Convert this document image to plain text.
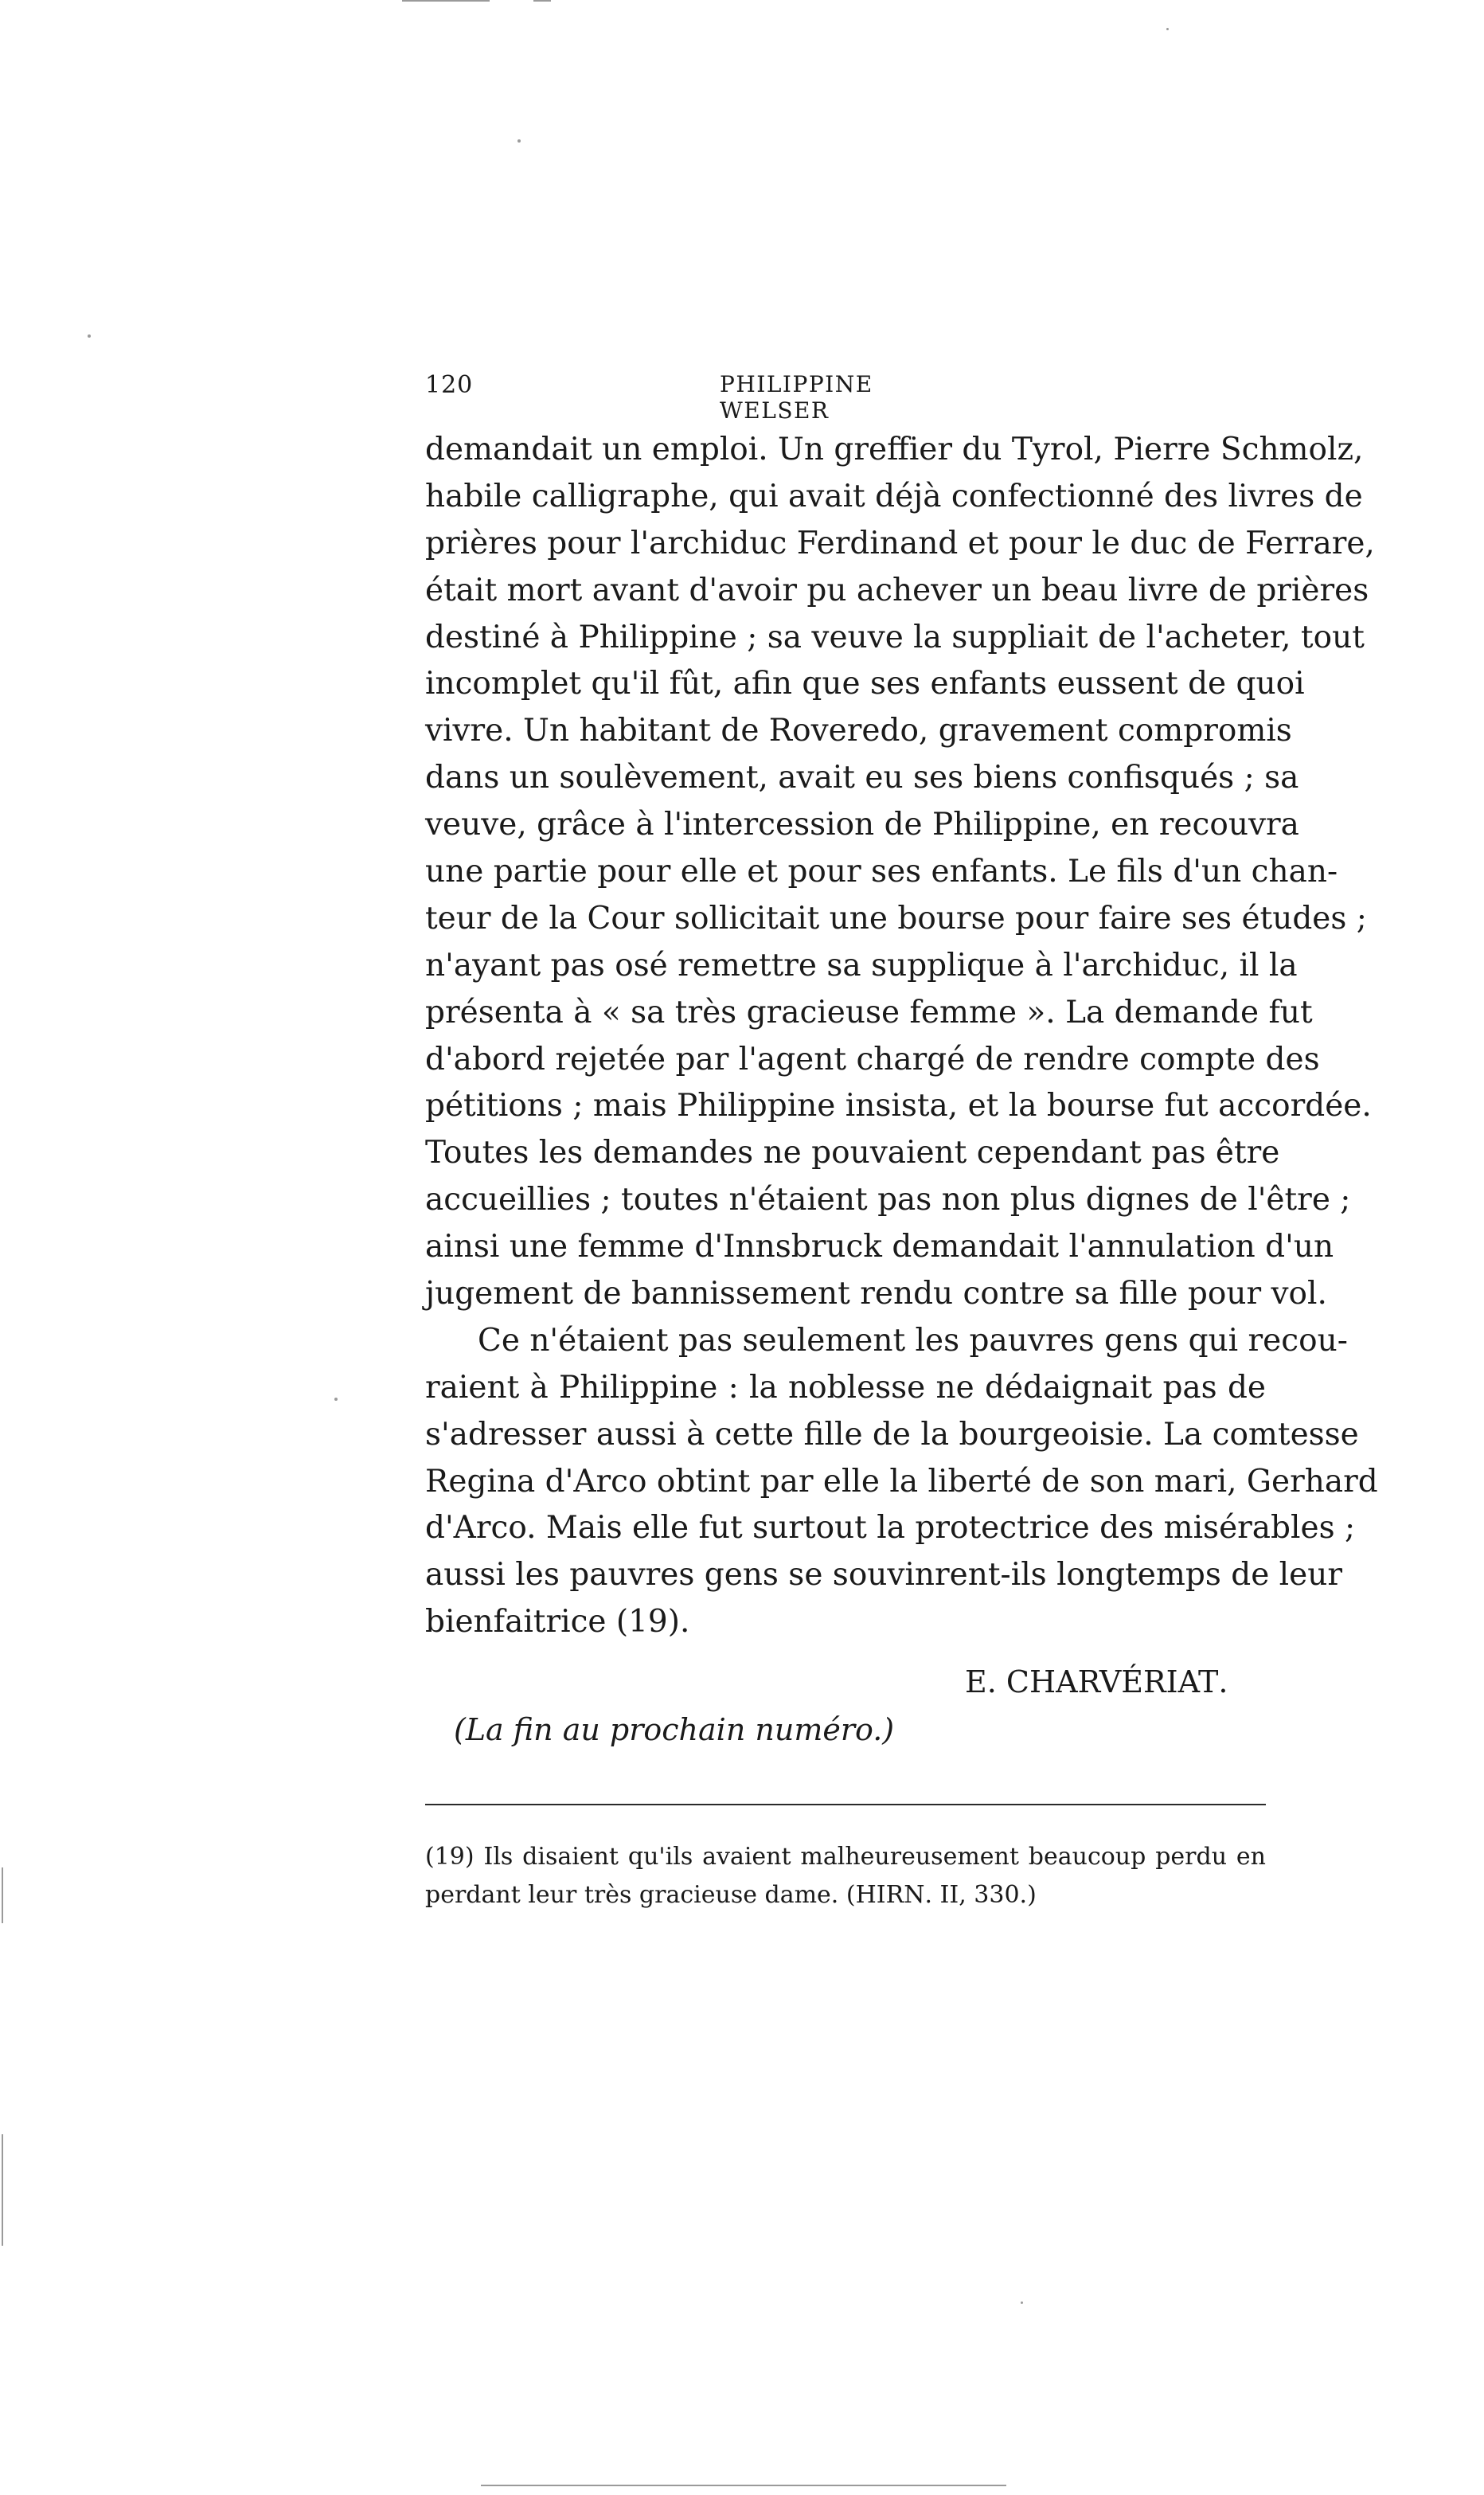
120	PHILIPPINE WELSER
demandait un emploi. Un greffier du Tyrol, Pierre Schmolz,
habile calligraphe, qui avait déjà confectionné des livres de
prières pour l'archiduc Ferdinand et pour le duc de Ferrare,
était mort avant d'avoir pu achever un beau livre de prières
destiné à Philippine ; sa veuve la suppliait de l'acheter, tout
incomplet qu'il fût, afin que ses enfants eussent de quoi
vivre. Un habitant de Roveredo, gravement compromis
dans un soulèvement, avait eu ses biens confisqués ; sa
veuve, grâce à l'intercession de Philippine, en recouvra
une partie pour elle et pour ses enfants. Le fils d'un chan-
teur de la Cour sollicitait une bourse pour faire ses études ;
n'ayant pas osé remettre sa supplique à l'archiduc, il la
présenta à « sa très gracieuse femme ». La demande fut
d'abord rejetée par l'agent chargé de rendre compte des
pétitions ; mais Philippine insista, et la bourse fut accordée.
Toutes les demandes ne pouvaient cependant pas être
accueillies ; toutes n'étaient pas non plus dignes de l'être ;
ainsi une femme d'Innsbruck demandait l'annulation d'un
jugement de bannissement rendu contre sa fille pour vol.
Ce n'étaient pas seulement les pauvres gens qui recou-
raient à Philippine : la noblesse ne dédaignait pas de
s'adresser aussi à cette fille de la bourgeoisie. La comtesse
Regina d'Arco obtint par elle la liberté de son mari, Gerhard
d'Arco. Mais elle fut surtout la protectrice des misérables ;
aussi les pauvres gens se souvinrent-ils longtemps de leur
bienfaitrice (19).
E. CHARVÉRIAT.
(La fin au prochain numéro.)
(19) Ils disaient qu'ils avaient malheureusement beaucoup perdu en
perdant leur très gracieuse dame. (HIRN. II, 330.)
